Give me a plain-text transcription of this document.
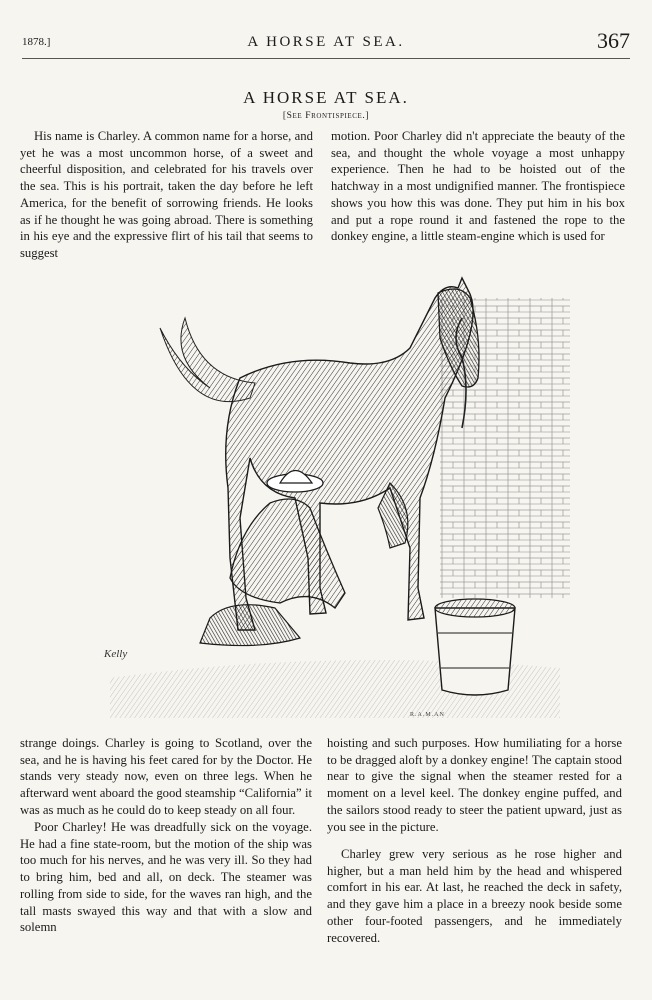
1878.]	A HORSE AT SEA.	367
A HORSE AT SEA.
[See Frontispiece.]

His name is Charley. A common name for a horse, and yet he was a most uncommon horse, of a sweet and cheerful disposition, and celebrated for his travels over the sea. This is his portrait, taken the day before he left America, for the benefit of sorrowing friends. He looks as if he thought he was going abroad. There is something in his eye and the expressive flirt of his tail that seems to suggest

motion. Poor Charley did n't appreciate the beauty of the sea, and thought the whole voyage a most unhappy experience. Then he had to be hoisted out of the hatchway in a most undignified manner. The frontispiece shows you how this was done. They put him in his box and put a rope round it and fastened the rope to the donkey engine, a little steam-engine which is used for

Kelly
R.A.M.AN

strange doings. Charley is going to Scotland, over the sea, and he is having his feet cared for by the Doctor. He stands very steady now, even on three legs. When he afterward went aboard the good steamship “California” it was as much as he could do to keep steady on all four.

Poor Charley! He was dreadfully sick on the voyage. He had a fine state-room, but the motion of the ship was too much for his nerves, and he was very ill. So they had to bring him, bed and all, on deck. The steamer was rolling from side to side, for the waves ran high, and the tall masts swayed this way and that with a slow and solemn

hoisting and such purposes. How humiliating for a horse to be dragged aloft by a donkey engine! The captain stood near to give the signal when the steamer rested for a moment on a level keel. The donkey engine puffed, and the sailors stood ready to steer the patient upward, just as you see in the picture.

Charley grew very serious as he rose higher and higher, but a man held him by the head and whispered comfort in his ear. At last, he reached the deck in safety, and they gave him a place in a breezy nook beside some other four-footed passengers, and he immediately recovered.
